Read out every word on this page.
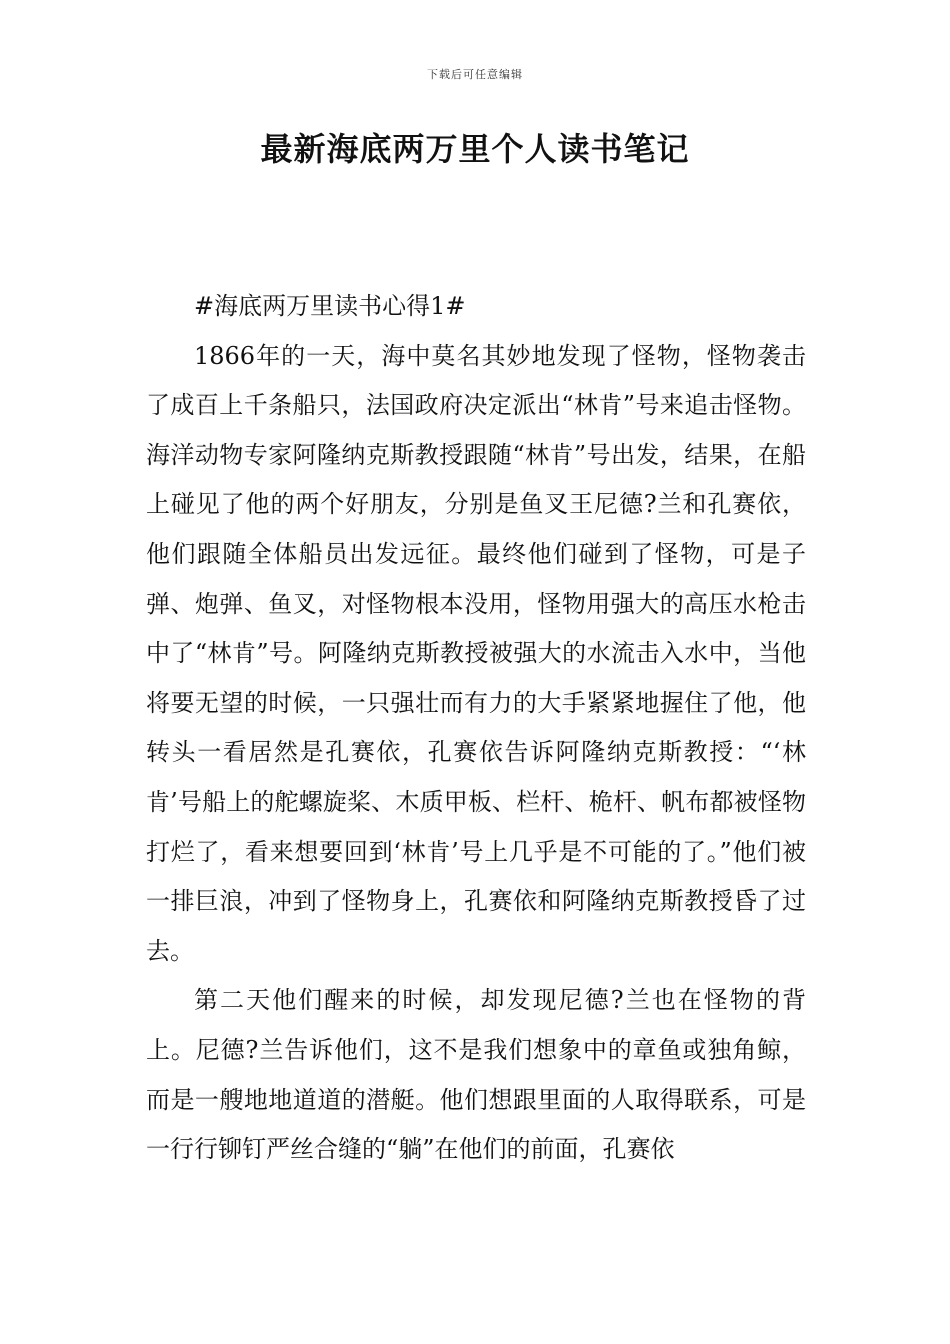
下载后可任意编辑
最新海底两万里个人读书笔记

#海底两万里读书心得1#

1866年的一天，海中莫名其妙地发现了怪物，怪物袭击了成百上千条船只，法国政府决定派出“林肯”号来追击怪物。海洋动物专家阿隆纳克斯教授跟随“林肯”号出发，结果，在船上碰见了他的两个好朋友，分别是鱼叉王尼德?兰和孔赛依，他们跟随全体船员出发远征。最终他们碰到了怪物，可是子弹、炮弹、鱼叉，对怪物根本没用，怪物用强大的高压水枪击中了“林肯”号。阿隆纳克斯教授被强大的水流击入水中，当他将要无望的时候，一只强壮而有力的大手紧紧地握住了他，他转头一看居然是孔赛依，孔赛依告诉阿隆纳克斯教授：“‘林肯’号船上的舵螺旋桨、木质甲板、栏杆、桅杆、帆布都被怪物打烂了，看来想要回到‘林肯’号上几乎是不可能的了。”他们被一排巨浪，冲到了怪物身上，孔赛依和阿隆纳克斯教授昏了过去。

第二天他们醒来的时候，却发现尼德?兰也在怪物的背上。尼德?兰告诉他们，这不是我们想象中的章鱼或独角鲸，而是一艘地地道道的潜艇。他们想跟里面的人取得联系，可是一行行铆钉严丝合缝的“躺”在他们的前面，孔赛依
